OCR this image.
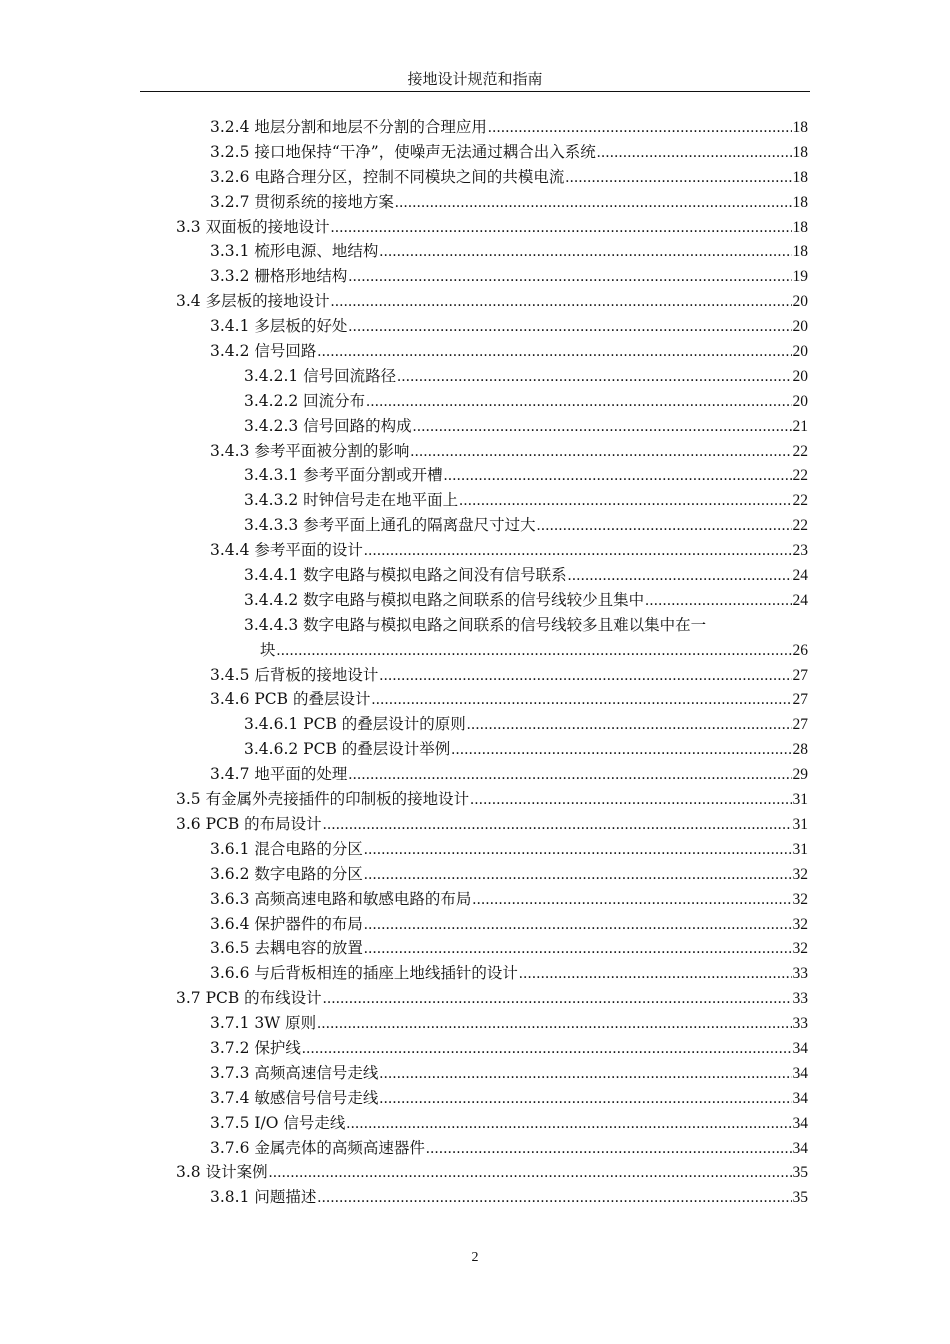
接地设计规范和指南
3.2.4 地层分割和地层不分割的合理应用 .....	18
3.2.5 接口地保持“干净”，使噪声无法通过耦合出入系统 .....	18
3.2.6 电路合理分区，控制不同模块之间的共模电流 .....	18
3.2.7 贯彻系统的接地方案 .....	18
3.3 双面板的接地设计 .....	18
3.3.1 梳形电源、地结构 .....	18
3.3.2 栅格形地结构 .....	19
3.4 多层板的接地设计 .....	20
3.4.1 多层板的好处 .....	20
3.4.2 信号回路 .....	20
3.4.2.1 信号回流路径 .....	20
3.4.2.2 回流分布 .....	20
3.4.2.3 信号回路的构成 .....	21
3.4.3 参考平面被分割的影响 .....	22
3.4.3.1 参考平面分割或开槽 .....	22
3.4.3.2 时钟信号走在地平面上 .....	22
3.4.3.3 参考平面上通孔的隔离盘尺寸过大 .....	22
3.4.4 参考平面的设计 .....	23
3.4.4.1 数字电路与模拟电路之间没有信号联系 .....	24
3.4.4.2 数字电路与模拟电路之间联系的信号线较少且集中 .....	24
3.4.4.3 数字电路与模拟电路之间联系的信号线较多且难以集中在一
块 .....	26
3.4.5 后背板的接地设计 .....	27
3.4.6 PCB 的叠层设计 .....	27
3.4.6.1 PCB 的叠层设计的原则 .....	27
3.4.6.2 PCB 的叠层设计举例 .....	28
3.4.7 地平面的处理 .....	29
3.5 有金属外壳接插件的印制板的接地设计 .....	31
3.6 PCB 的布局设计 .....	31
3.6.1 混合电路的分区 .....	31
3.6.2 数字电路的分区 .....	32
3.6.3 高频高速电路和敏感电路的布局 .....	32
3.6.4 保护器件的布局 .....	32
3.6.5 去耦电容的放置 .....	32
3.6.6 与后背板相连的插座上地线插针的设计 .....	33
3.7 PCB 的布线设计 .....	33
3.7.1 3W 原则 .....	33
3.7.2 保护线 .....	34
3.7.3 高频高速信号走线 .....	34
3.7.4 敏感信号信号走线 .....	34
3.7.5 I/O 信号走线 .....	34
3.7.6 金属壳体的高频高速器件 .....	34
3.8 设计案例 .....	35
3.8.1 问题描述 .....	35
2
